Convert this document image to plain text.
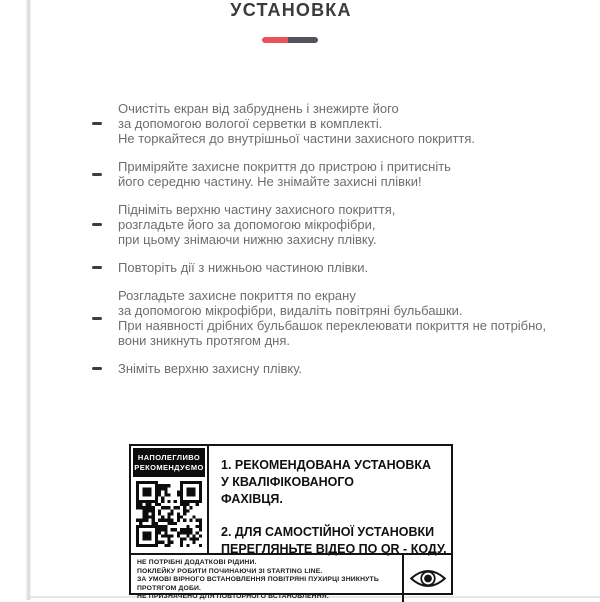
УСТАНОВКА
Очистіть екран від забруднень і знежирте його
за допомогою вологої серветки в комплекті.
Не торкайтеся до внутрішньої частини захисного покриття.
Приміряйте захисне покриття до пристрою і притисніть
його середню частину. Не знімайте захисні плівки!
Підніміть верхню частину захисного покриття,
розгладьте його за допомогою мікрофібри,
при цьому знімаючи нижню захисну плівку.
Повторіть дії з нижньою частиною плівки.
Розгладьте захисне покриття по екрану
за допомогою мікрофібри, видаліть повітряні бульбашки.
При наявності дрібних бульбашок переклеювати покриття не потрібно,
вони зникнуть протягом дня.
Зніміть верхню захисну плівку.
НАПОЛЕГЛИВО
РЕКОМЕНДУЄМО 1. РЕКОМЕНДОВАНА УСТАНОВКА
У КВАЛІФІКОВАНОГО
ФАХІВЦЯ.
2. ДЛЯ САМОСТІЙНОЇ УСТАНОВКИ
ПЕРЕГЛЯНЬТЕ ВІДЕО ПО QR - КОДУ.
НЕ ПОТРІБНІ ДОДАТКОВІ РІДИНИ.
ПОКЛЕЙКУ РОБИТИ ПОЧИНАЮЧИ ЗІ STARTING LINE.
ЗА УМОВІ ВІРНОГО ВСТАНОВЛЕННЯ ПОВІТРЯНІ ПУХИРЦІ ЗНИКНУТЬ ПРОТЯГОМ ДОБИ.
НЕ ПРИЗНАЧЕНО ДЛЯ ПОВТОРНОГО ВСТАНОВЛЕННЯ.
